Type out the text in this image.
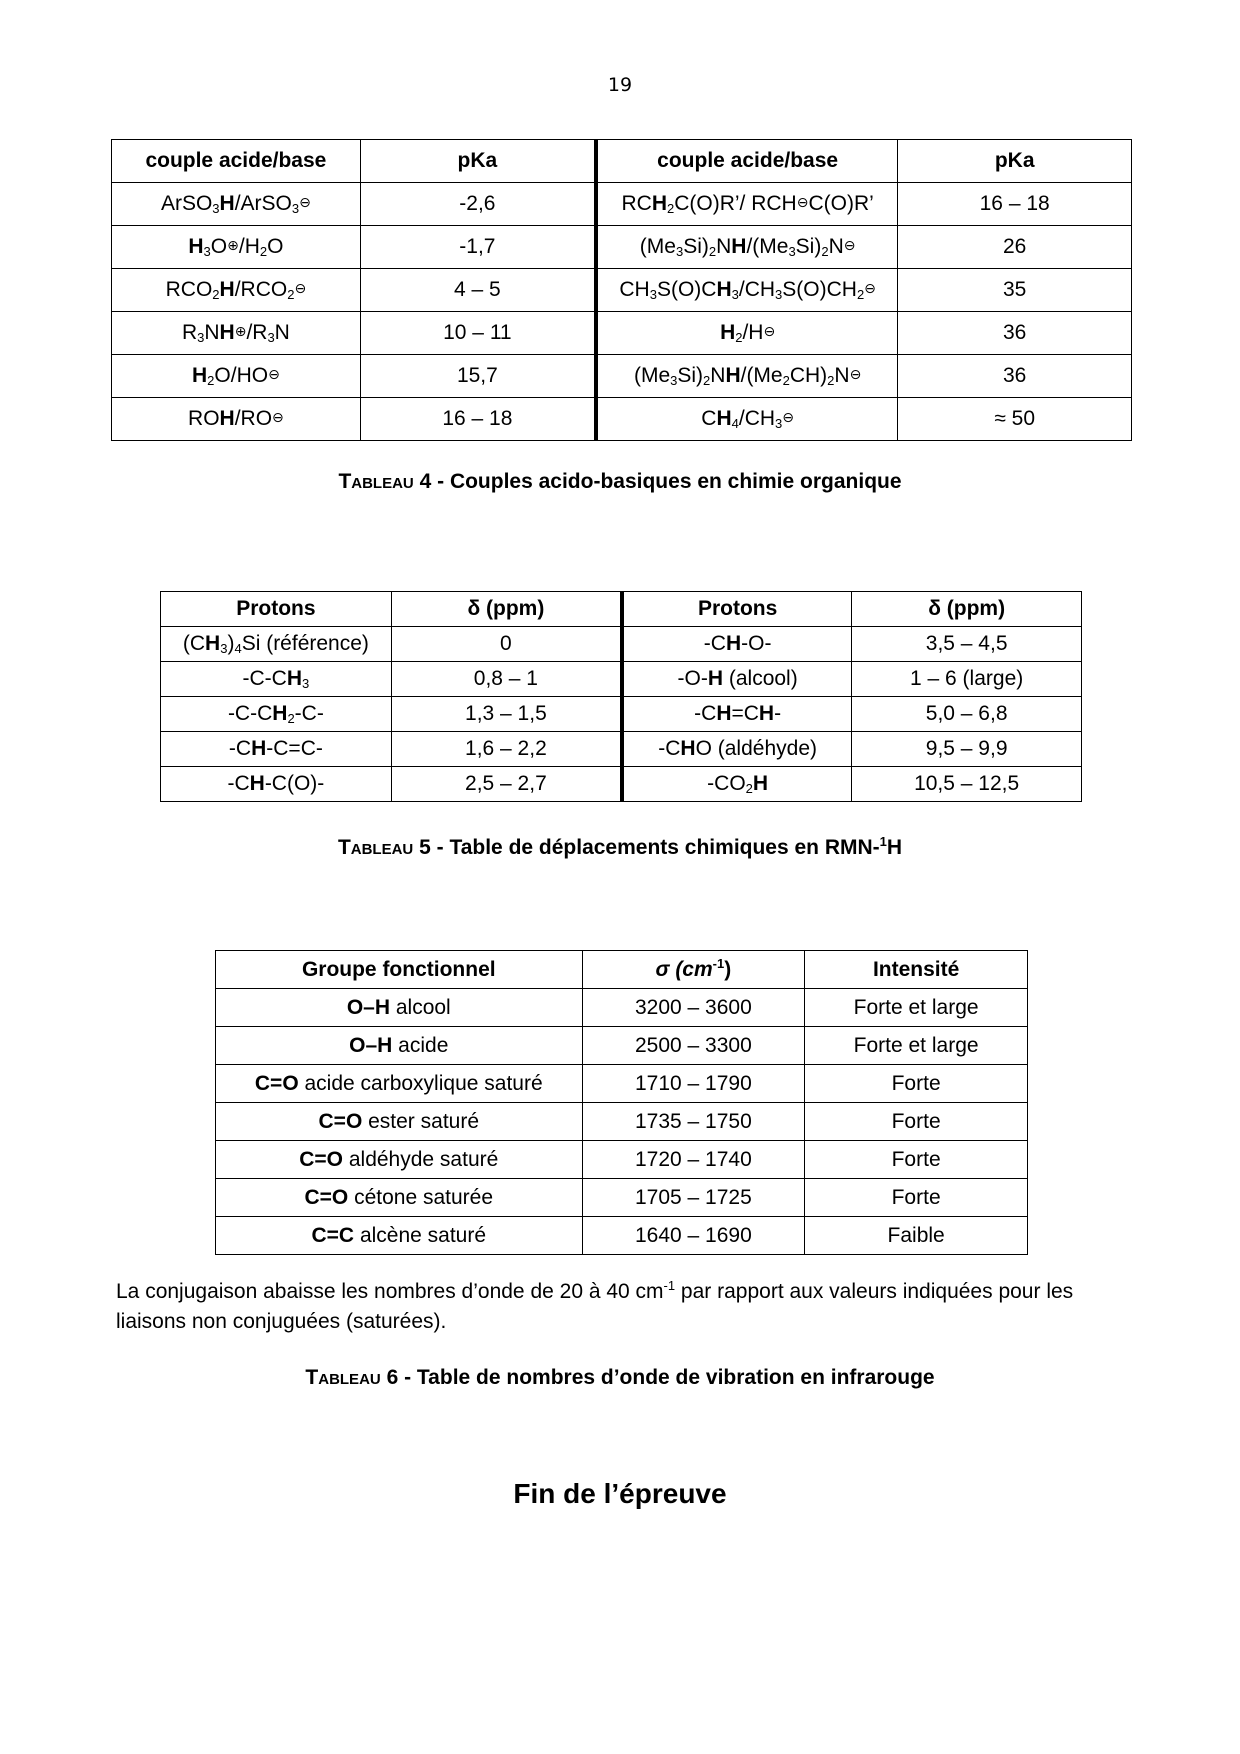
19
couple acide/base	pKa	couple acide/base	pKa
ArSO$_3$H/ArSO$_3$⊖	-2,6	$RCH_2C(O)R’/$ RCH⊖C(O)R’	16 – 18
$H_3O\oplus/H_2O$	-1,7	$(Me_3Si)_2NH/(Me_3Si)_2N⊖$	26
$RCO_2H/RCO_2⊖$	4 – 5	$CH_3S(O)CH_3/CH_3S(O)CH_2⊖$	35
$R_3NH\oplus/R_3N$	10 – 11	$H_2/H⊖$	36
$H_2O/HO⊖$	15,7	$(Me_3Si)_2NH/(Me_2CH)_2N⊖$	36
ROH/RO⊖	16 – 18	$CH_4/CH_3⊖$	≈ 50
Tableau 4 - Couples acido-basiques en chimie organique
Protons	δ (ppm)	Protons	δ (ppm)
$(CH_3)_4Si$ (référence)	0	-CH-O-	3,5 – 4,5
$-C-CH_3$	0,8 – 1	-O-H (alcool)	1 – 6 (large)
$-C-CH_2-C-$	1,3 – 1,5	-CH=CH-	5,0 – 6,8
-CH-C=C-	1,6 – 2,2	-CHO (aldéhyde)	9,5 – 9,9
-CH-C(O)-	2,5 – 2,7	$-CO_2H$	10,5 – 12,5
Tableau 5 - Table de déplacements chimiques en RMN-$^1$H
Groupe fonctionnel	σ $(cm^{-1})$	Intensité
O–H alcool	3200 – 3600	Forte et large
O–H acide	2500 – 3300	Forte et large
C=O acide carboxylique saturé	1710 – 1790	Forte
C=O ester saturé	1735 – 1750	Forte
C=O aldéhyde saturé	1720 – 1740	Forte
C=O cétone saturée	1705 – 1725	Forte
C=C alcène saturé	1640 – 1690	Faible
La conjugaison abaisse les nombres d’onde de 20 à 40 $cm^{-1}$ par rapport aux valeurs indiquées pour les liaisons non conjuguées (saturées).
Tableau 6 - Table de nombres d’onde de vibration en infrarouge
Fin de l’épreuve
